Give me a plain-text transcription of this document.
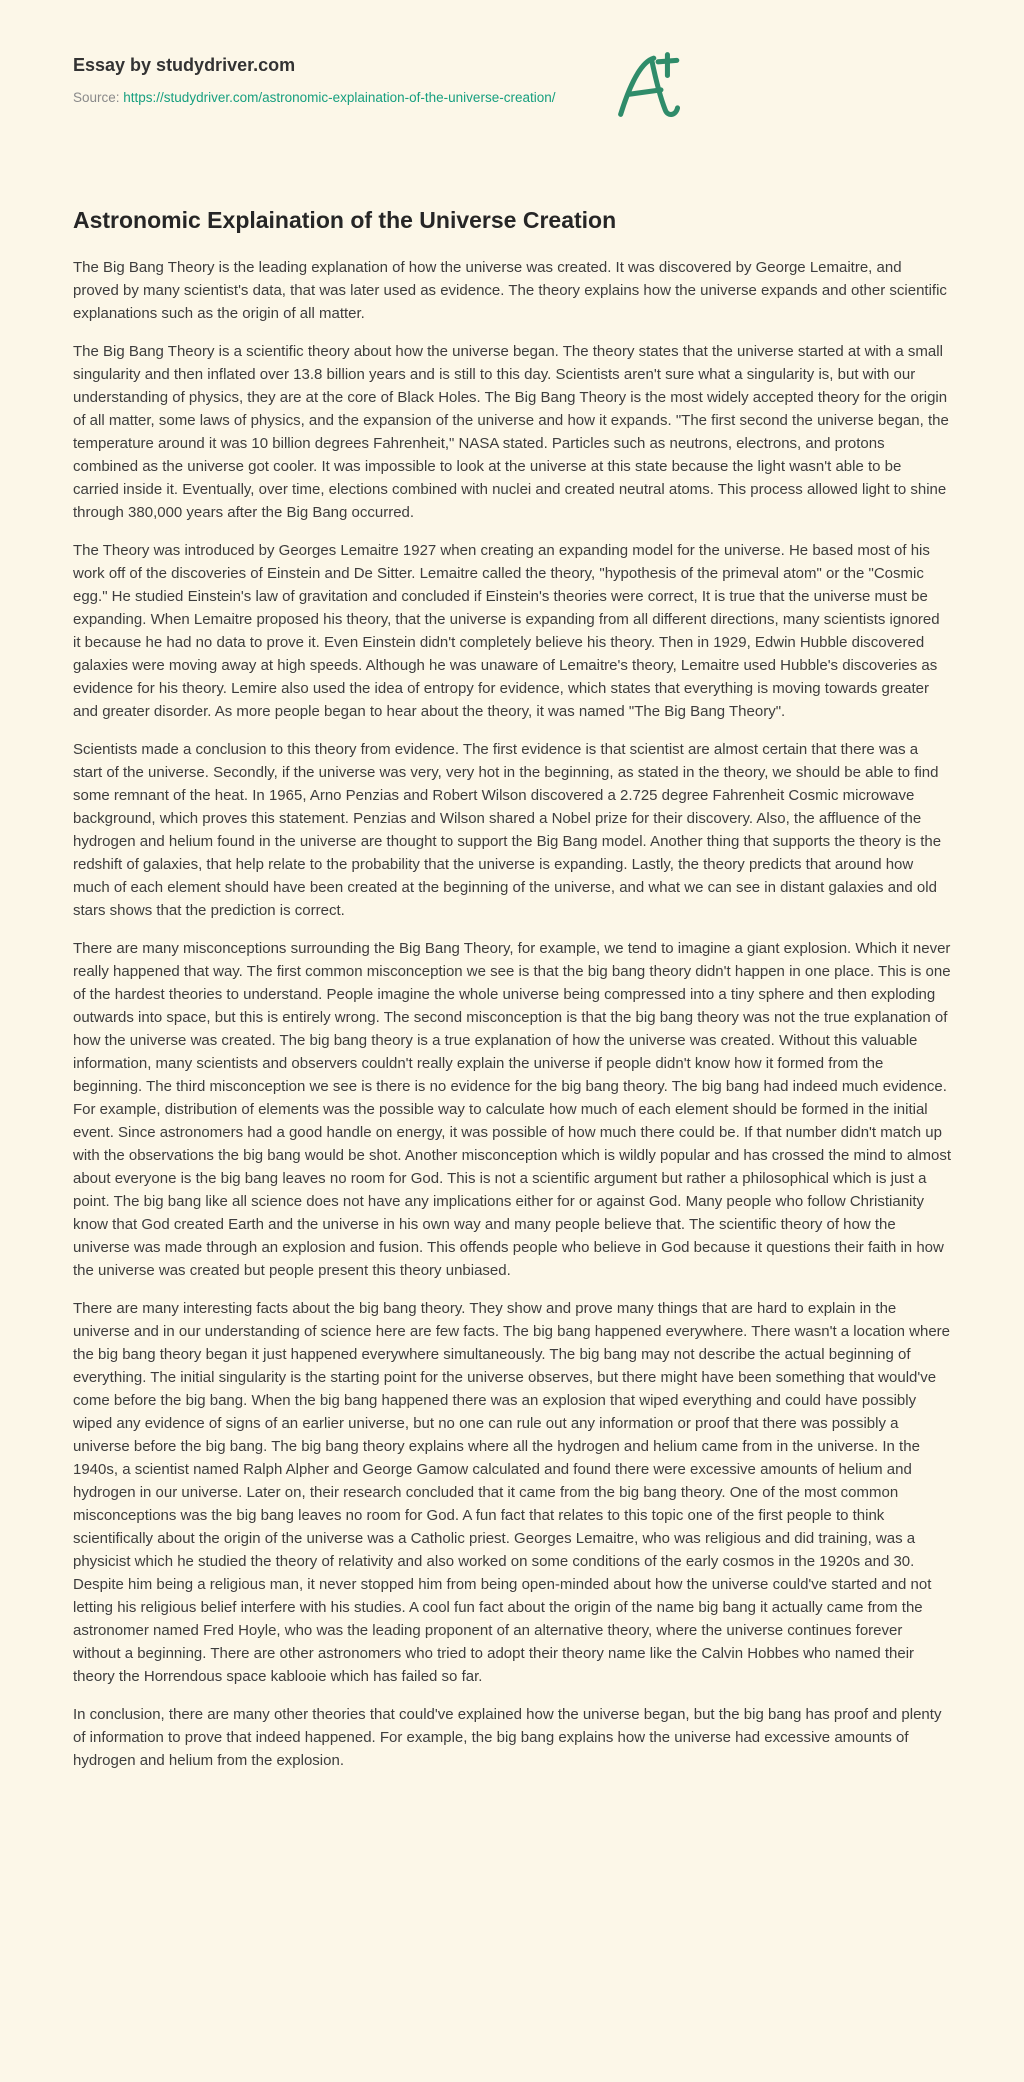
Essay by studydriver.com

Source: https://studydriver.com/astronomic-explaination-of-the-universe-creation/

Astronomic Explaination of the Universe Creation

The Big Bang Theory is the leading explanation of how the universe was created. It was discovered by George Lemaitre, and proved by many scientist's data, that was later used as evidence. The theory explains how the universe expands and other scientific explanations such as the origin of all matter.

The Big Bang Theory is a scientific theory about how the universe began. The theory states that the universe started at with a small singularity and then inflated over 13.8 billion years and is still to this day. Scientists aren't sure what a singularity is, but with our understanding of physics, they are at the core of Black Holes. The Big Bang Theory is the most widely accepted theory for the origin of all matter, some laws of physics, and the expansion of the universe and how it expands. "The first second the universe began, the temperature around it was 10 billion degrees Fahrenheit," NASA stated. Particles such as neutrons, electrons, and protons combined as the universe got cooler. It was impossible to look at the universe at this state because the light wasn't able to be carried inside it. Eventually, over time, elections combined with nuclei and created neutral atoms. This process allowed light to shine through 380,000 years after the Big Bang occurred.

The Theory was introduced by Georges Lemaitre 1927 when creating an expanding model for the universe. He based most of his work off of the discoveries of Einstein and De Sitter. Lemaitre called the theory, "hypothesis of the primeval atom" or the "Cosmic egg." He studied Einstein's law of gravitation and concluded if Einstein's theories were correct, It is true that the universe must be expanding. When Lemaitre proposed his theory, that the universe is expanding from all different directions, many scientists ignored it because he had no data to prove it. Even Einstein didn't completely believe his theory. Then in 1929, Edwin Hubble discovered galaxies were moving away at high speeds. Although he was unaware of Lemaitre's theory, Lemaitre used Hubble's discoveries as evidence for his theory. Lemire also used the idea of entropy for evidence, which states that everything is moving towards greater and greater disorder. As more people began to hear about the theory, it was named "The Big Bang Theory".

Scientists made a conclusion to this theory from evidence. The first evidence is that scientist are almost certain that there was a start of the universe. Secondly, if the universe was very, very hot in the beginning, as stated in the theory, we should be able to find some remnant of the heat. In 1965, Arno Penzias and Robert Wilson discovered a 2.725 degree Fahrenheit Cosmic microwave background, which proves this statement. Penzias and Wilson shared a Nobel prize for their discovery. Also, the affluence of the hydrogen and helium found in the universe are thought to support the Big Bang model. Another thing that supports the theory is the redshift of galaxies, that help relate to the probability that the universe is expanding. Lastly, the theory predicts that around how much of each element should have been created at the beginning of the universe, and what we can see in distant galaxies and old stars shows that the prediction is correct.

There are many misconceptions surrounding the Big Bang Theory, for example, we tend to imagine a giant explosion. Which it never really happened that way. The first common misconception we see is that the big bang theory didn't happen in one place. This is one of the hardest theories to understand. People imagine the whole universe being compressed into a tiny sphere and then exploding outwards into space, but this is entirely wrong. The second misconception is that the big bang theory was not the true explanation of how the universe was created. The big bang theory is a true explanation of how the universe was created. Without this valuable information, many scientists and observers couldn't really explain the universe if people didn't know how it formed from the beginning. The third misconception we see is there is no evidence for the big bang theory. The big bang had indeed much evidence. For example, distribution of elements was the possible way to calculate how much of each element should be formed in the initial event. Since astronomers had a good handle on energy, it was possible of how much there could be. If that number didn't match up with the observations the big bang would be shot. Another misconception which is wildly popular and has crossed the mind to almost about everyone is the big bang leaves no room for God. This is not a scientific argument but rather a philosophical which is just a point. The big bang like all science does not have any implications either for or against God. Many people who follow Christianity know that God created Earth and the universe in his own way and many people believe that. The scientific theory of how the universe was made through an explosion and fusion. This offends people who believe in God because it questions their faith in how the universe was created but people present this theory unbiased.

There are many interesting facts about the big bang theory. They show and prove many things that are hard to explain in the universe and in our understanding of science here are few facts. The big bang happened everywhere. There wasn't a location where the big bang theory began it just happened everywhere simultaneously. The big bang may not describe the actual beginning of everything. The initial singularity is the starting point for the universe observes, but there might have been something that would've come before the big bang. When the big bang happened there was an explosion that wiped everything and could have possibly wiped any evidence of signs of an earlier universe, but no one can rule out any information or proof that there was possibly a universe before the big bang. The big bang theory explains where all the hydrogen and helium came from in the universe. In the 1940s, a scientist named Ralph Alpher and George Gamow calculated and found there were excessive amounts of helium and hydrogen in our universe. Later on, their research concluded that it came from the big bang theory. One of the most common misconceptions was the big bang leaves no room for God. A fun fact that relates to this topic one of the first people to think scientifically about the origin of the universe was a Catholic priest. Georges Lemaitre, who was religious and did training, was a physicist which he studied the theory of relativity and also worked on some conditions of the early cosmos in the 1920s and 30. Despite him being a religious man, it never stopped him from being open-minded about how the universe could've started and not letting his religious belief interfere with his studies. A cool fun fact about the origin of the name big bang it actually came from the astronomer named Fred Hoyle, who was the leading proponent of an alternative theory, where the universe continues forever without a beginning. There are other astronomers who tried to adopt their theory name like the Calvin Hobbes who named their theory the Horrendous space kablooie which has failed so far.

In conclusion, there are many other theories that could've explained how the universe began, but the big bang has proof and plenty of information to prove that indeed happened. For example, the big bang explains how the universe had excessive amounts of hydrogen and helium from the explosion.
